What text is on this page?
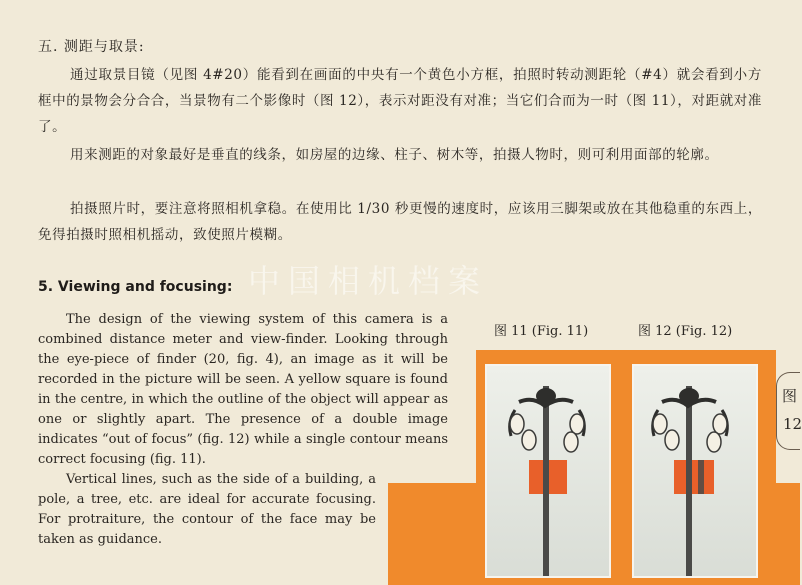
五. 测距与取景:
通过取景目镜（见图 4#20）能看到在画面的中央有一个黄色小方框，拍照时转动测距轮（#4）就会看到小方框中的景物会分合合，当景物有二个影像时（图 12），表示对距没有对准；当它们合而为一时（图 11），对距就对准了。
用来测距的对象最好是垂直的线条，如房屋的边缘、柱子、树木等，拍摄人物时，则可利用面部的轮廓。
拍摄照片时，要注意将照相机拿稳。在使用比 1/30 秒更慢的速度时，应该用三脚架或放在其他稳重的东西上，免得拍摄时照相机摇动，致使照片模糊。
中国相机档案
5. Viewing and focusing:
The design of the viewing system of this camera is a combined distance meter and view-finder. Looking through the eye-piece of finder (20, fig. 4), an image as it will be recorded in the picture will be seen. A yellow square is found in the centre, in which the outline of the object will appear as one or slightly apart. The presence of a double image indicates “out of focus” (fig. 12) while a single contour means correct focusing (fig. 11).
Vertical lines, such as the side of a building, a pole, a tree, etc. are ideal for accurate focusing. For protraiture, the contour of the face may be taken as guidance.
图 11 (Fig. 11)	图 12 (Fig. 12)
图
12
